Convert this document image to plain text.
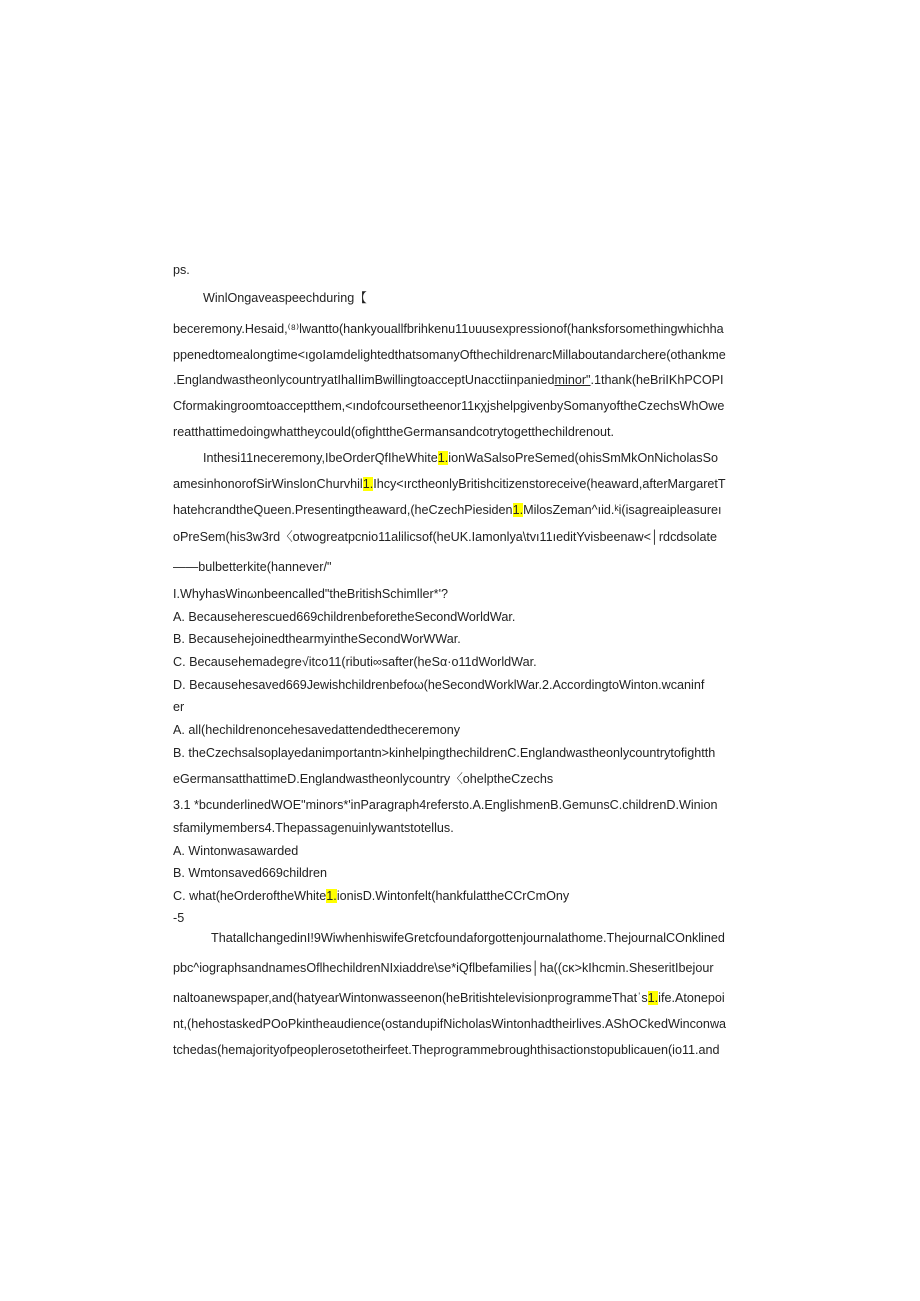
ps.
WinlOngaveaspeechduring【
beceremony.Hesaid,⁽⁸⁾lwantto(hankyouallfbrihkenu11υuusexpressionof(hanksforsomethingwhichha
ppenedtomealongtime<ıgoIamdelightedthatsomanyOfthechildrenarcMillaboutandarchere(othankme
.EnglandwastheonlycountryatIhalIimBwillingtoacceptUnacctiinpaniedminor".1thank(heBriIKhPCOPI
Cformakingroomtoacceptthem,<ındofcoursetheenor11κχjshelpgivenbySomanyoftheCzechsWhOwe
reatthattimedoingwhattheycould(ofighttheGermansandcotrytogetthechildrenout.
Inthesi11neceremony,IbeOrderQfIheWhite1.ionWaSalsoPreSemed(ohisSmMkOnNicholasSo
amesinhonorofSirWinslonChurvhil1.Ihcy<ırctheonlyBritishcitizenstoreceive(heaward,afterMargaretT
hatehcrandtheQueen.Presentingtheaward,(heCzechPiesiden1.MilosZeman^ıid.ᵏi(isagreaipleasureı
oPreSem(his3w3rd〈otwogreatpcnio11alilicsof(heUK.Iamonlya\tvı11ıeditYvisbeenaw<│rdcdsolate
——bulbetterkite(hannever/"
I.WhyhasWinωnbeencalled"theBritishSchimller*'?
A. Becauseherescued669childrenbeforetheSecondWorldWar.
B. BecausehejoinedthearmyintheSecondWorWWar.
C. Becausehemadegre√itco11(ributi∞safter(heSα·o11dWorldWar.
D. Becausehesaved669Jewishchildrenbefoω(heSecondWorklWar.2.AccordingtoWinton.wcaninf
er
A. all(hechildrenoncehesavedattendedtheceremony
B. theCzechsalsoplayedanimportantn>kinhelpingthechildrenC.Englandwastheonlycountrytofightth
eGermansatthattimeD.Englandwastheonlycountry〈ohelptheCzechs
3.1 *bcunderlinedWOE"minors*'inParagraph4refersto.A.EnglishmenB.GemunsC.childrenD.Winion
sfamilymembers4.Thepassagenuinlywantstotellus.
A. Wintonwasawarded
B. Wmtonsaved669children
C. what(heOrderoftheWhite1.ionisD.Wintonfelt(hankfulattheCCrCmOny
-5
ThatallchangedinI!9WiwhenhiswifeGretcfoundaforgottenjournalathome.ThejournalCOnklined
pbc^iographsandnamesOflhechildrenNIxiaddre\se*iQflbefamilies│ha((cκ>kIhcmin.SheseritIbejour
naltoanewspaper,and(hatyearWintonwasseenon(heBritishtelevisionprogrammeThatˈs1.ife.Atonepoi
nt,(hehostaskedPOoPkintheaudience(ostandupifNicholasWintonhadtheirlives.AShOCkedWinconwa
tchedas(hemajorityofpeoplerosetotheirfeet.Theprogrammebroughthisactionstopublicauen(io11.and
